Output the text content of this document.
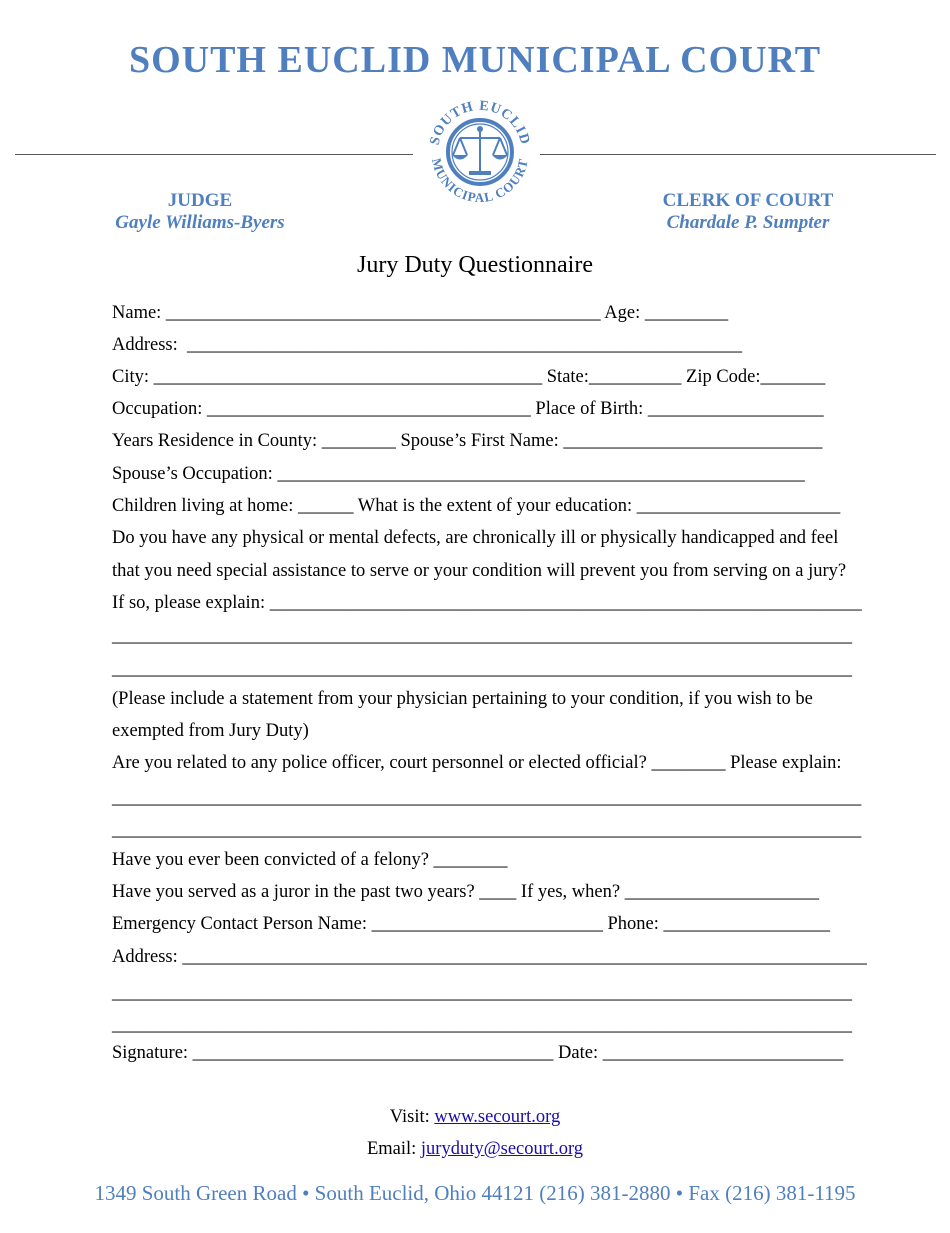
SOUTH EUCLID MUNICIPAL COURT
SOUTH EUCLID
MUNICIPAL COURT
JUDGE
Gayle Williams-Byers
CLERK OF COURT
Chardale P. Sumpter
Jury Duty Questionnaire
Name: _______________________________________________ Age: _________
Address:  ____________________________________________________________
City: __________________________________________ State:__________ Zip Code:_______
Occupation: ___________________________________ Place of Birth: ___________________
Years Residence in County: ________ Spouse’s First Name: ____________________________
Spouse’s Occupation: _________________________________________________________
Children living at home: ______ What is the extent of your education: ______________________
Do you have any physical or mental defects, are chronically ill or physically handicapped and feel
that you need special assistance to serve or your condition will prevent you from serving on a jury?
If so, please explain: ________________________________________________________________
________________________________________________________________________________
________________________________________________________________________________
(Please include a statement from your physician pertaining to your condition, if you wish to be
exempted from Jury Duty)
Are you related to any police officer, court personnel or elected official? ________ Please explain:
_________________________________________________________________________________
_________________________________________________________________________________
Have you ever been convicted of a felony? ________
Have you served as a juror in the past two years? ____ If yes, when? _____________________
Emergency Contact Person Name: _________________________ Phone: __________________
Address: __________________________________________________________________________
________________________________________________________________________________
________________________________________________________________________________
Signature: _______________________________________ Date: __________________________
Visit: www.secourt.org
Email: juryduty@secourt.org
1349 South Green Road • South Euclid, Ohio 44121 (216) 381-2880 • Fax (216) 381-1195
